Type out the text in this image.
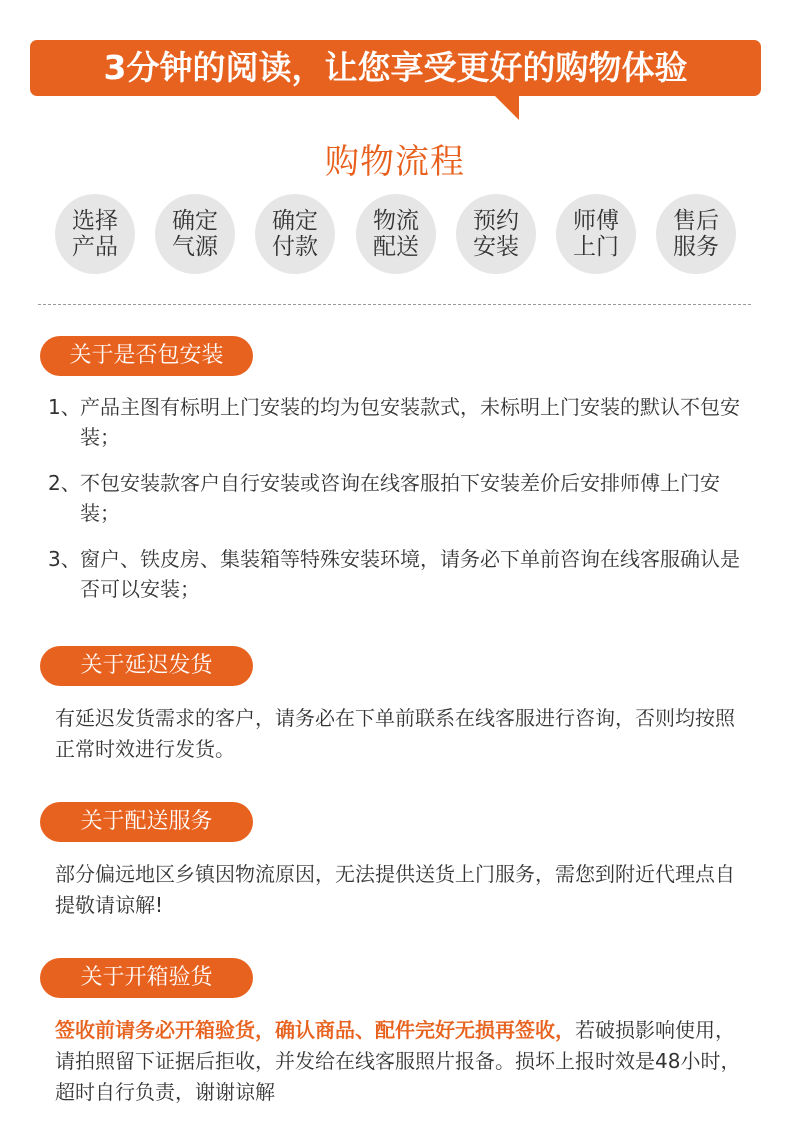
3分钟的阅读，让您享受更好的购物体验
购物流程
选择
产品
确定
气源
确定
付款
物流
配送
预约
安装
师傅
上门
售后
服务
关于是否包安装
1、 产品主图有标明上门安装的均为包安装款式，未标明上门安装的默认不包安装；
2、 不包安装款客户自行安装或咨询在线客服拍下安装差价后安排师傅上门安装；
3、 窗户、铁皮房、集装箱等特殊安装环境，请务必下单前咨询在线客服确认是否可以安装；
关于延迟发货

有延迟发货需求的客户，请务必在下单前联系在线客服进行咨询，否则均按照正常时效进行发货。

关于配送服务

部分偏远地区乡镇因物流原因，无法提供送货上门服务，需您到附近代理点自提敬请谅解!

关于开箱验货

签收前请务必开箱验货，确认商品、配件完好无损再签收，若破损影响使用，请拍照留下证据后拒收，并发给在线客服照片报备。损坏上报时效是48小时，超时自行负责，谢谢谅解
